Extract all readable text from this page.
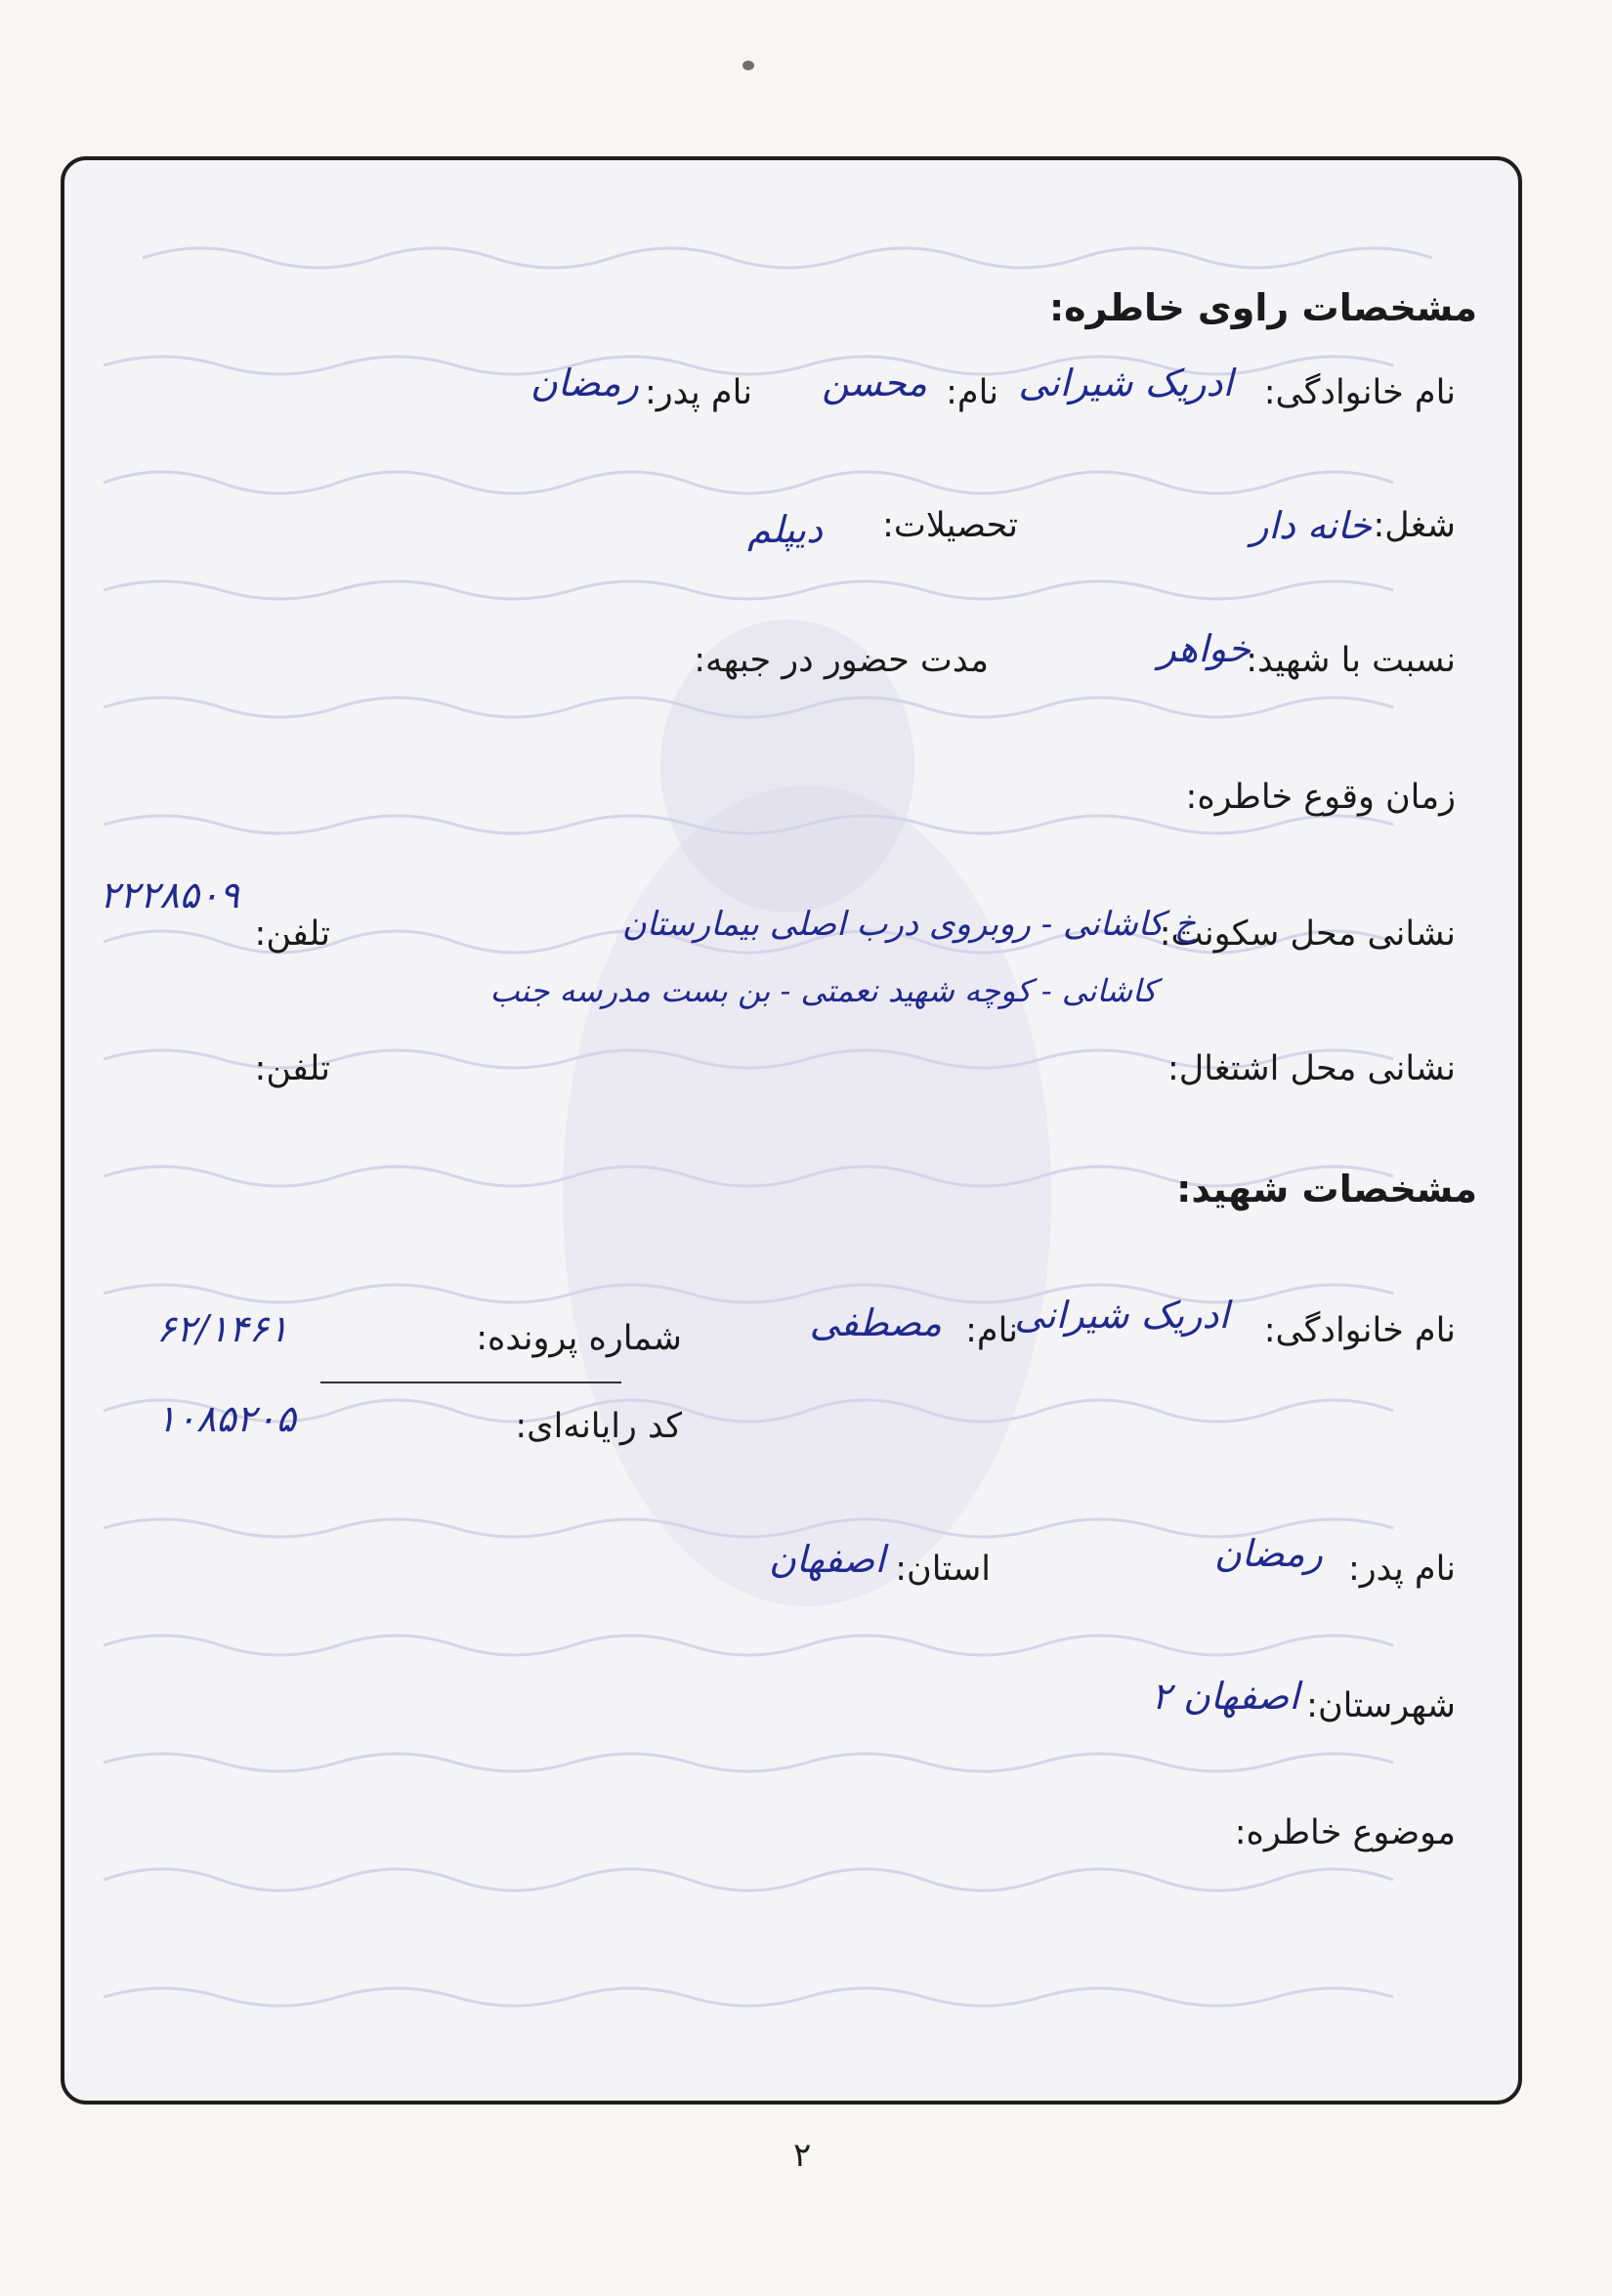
مشخصات راوی خاطره:
نام خانوادگی:
ادریک شیرانی
نام:
محسن
نام پدر:
رمضان
شغل:
خانه دار
تحصیلات:
دیپلم
نسبت با شهید:
خواهر
مدت حضور در جبهه:
زمان وقوع خاطره:
نشانی محل سکونت:
خ کاشانی - روبروی درب اصلی بیمارستان
کاشانی - کوچه شهید نعمتی - بن بست مدرسه جنب
تلفن:
۲۲۲۸۵۰۹
نشانی محل اشتغال:
تلفن:
مشخصات شهید:
نام خانوادگی:
ادریک شیرانی
نام:
مصطفی
شماره پرونده:
۶۲/۱۴۶۱
کد رایانه‌ای:
۱۰۸۵۲۰۵
نام پدر:
رمضان
استان:
اصفهان
شهرستان:
اصفهان ۲
موضوع خاطره:
۲
